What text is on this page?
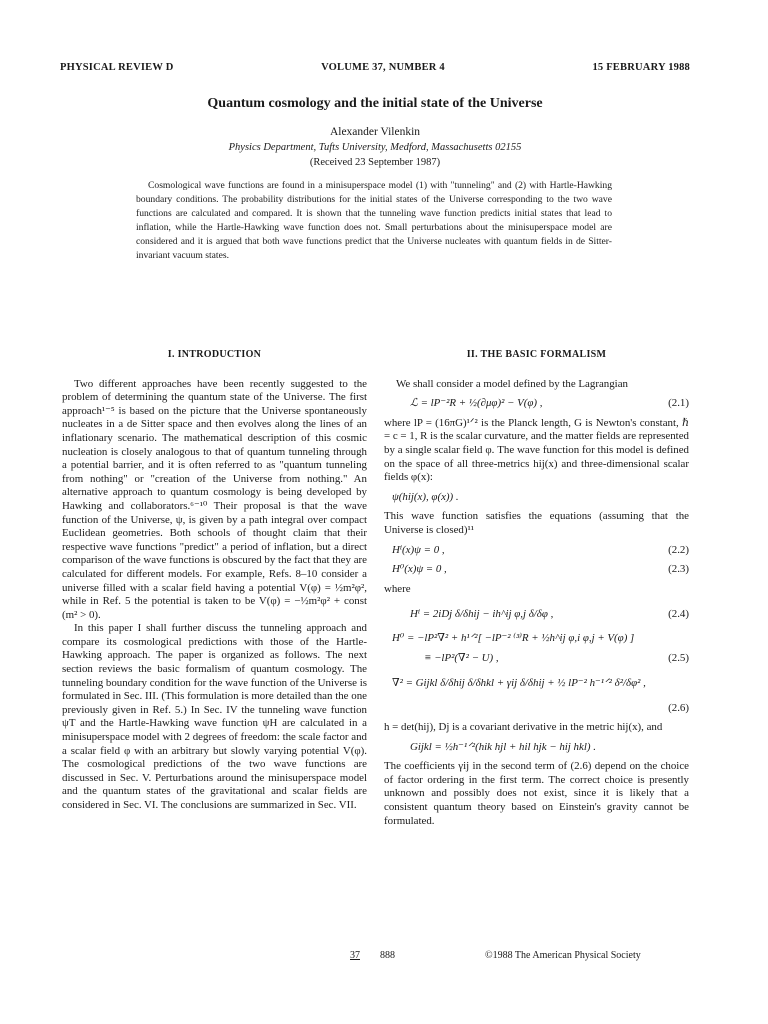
PHYSICAL REVIEW D	VOLUME 37, NUMBER 4	15 FEBRUARY 1988
Quantum cosmology and the initial state of the Universe
Alexander Vilenkin
Physics Department, Tufts University, Medford, Massachusetts 02155
(Received 23 September 1987)

Cosmological wave functions are found in a minisuperspace model (1) with "tunneling" and (2) with Hartle-Hawking boundary conditions. The probability distributions for the initial states of the Universe corresponding to the two wave functions are calculated and compared. It is shown that the tunneling wave function predicts initial states that lead to inflation, while the Hartle-Hawking wave function does not. Small perturbations about the minisuperspace model are considered and it is argued that both wave functions predict that the Universe nucleates with quantum fields in de Sitter-invariant vacuum states.

I. INTRODUCTION

Two different approaches have been recently suggested to the problem of determining the quantum state of the Universe. The first approach¹⁻⁵ is based on the picture that the Universe spontaneously nucleates in a de Sitter space and then evolves along the lines of an inflationary scenario. The mathematical description of this cosmic nucleation is closely analogous to that of quantum tunneling through a potential barrier, and it is often referred to as "quantum tunneling from nothing" or "creation of the Universe from nothing." An alternative approach to quantum cosmology is being developed by Hawking and collaborators.⁶⁻¹⁰ Their proposal is that the wave function of the Universe, ψ, is given by a path integral over compact Euclidean geometries. Both schools of thought claim that their respective wave functions "predict" a period of inflation, but a direct comparison of the wave functions is obscured by the fact that they are calculated for different models. For example, Refs. 8–10 consider a universe filled with a scalar field having a potential V(φ) = ½m²φ², while in Ref. 5 the potential is taken to be V(φ) = −½m²φ² + const (m² > 0).

In this paper I shall further discuss the tunneling approach and compare its cosmological predictions with those of the Hartle-Hawking approach. The paper is organized as follows. The next section reviews the basic formalism of quantum cosmology. The tunneling boundary condition for the wave function of the Universe is formulated in Sec. III. (This formulation is more detailed than the one previously given in Ref. 5.) In Sec. IV the tunneling wave function ψT and the Hartle-Hawking wave function ψH are calculated in a minisuperspace model with 2 degrees of freedom: the scale factor and a scalar field φ with an arbitrary but slowly varying potential V(φ). The cosmological predictions of the two wave functions are discussed in Sec. V. Perturbations around the minisuperspace model and the quantum states of the gravitational and scalar fields are considered in Sec. VI. The conclusions are summarized in Sec. VII.

II. THE BASIC FORMALISM

We shall consider a model defined by the Lagrangian

ℒ = lP⁻²R + ½(∂μφ)² − V(φ) ,	(2.1)

where lP = (16πG)¹ᐟ² is the Planck length, G is Newton's constant, ℏ = c = 1, R is the scalar curvature, and the matter fields are represented by a single scalar field φ. The wave function for this model is defined on the space of all three-metrics hij(x) and three-dimensional scalar fields φ(x):

ψ(hij(x), φ(x)) .

This wave function satisfies the equations (assuming that the Universe is closed)¹¹

Hⁱ(x)ψ = 0 ,	(2.2)
H⁰(x)ψ = 0 ,	(2.3)

where

Hⁱ = 2iDj δ/δhij − ih^ij φ,j δ/δφ ,	(2.4)
H⁰ = −lP²∇² + h¹ᐟ²[ −lP⁻² ⁽³⁾R + ½h^ij φ,i φ,j + V(φ) ]
≡ −lP²(∇² − U) ,	(2.5)
∇² = Gijkl δ/δhij δ/δhkl + γij δ/δhij + ½ lP⁻² h⁻¹ᐟ² δ²/δφ² ,
(2.6)

h = det(hij), Dj is a covariant derivative in the metric hij(x), and

Gijkl = ½h⁻¹ᐟ²(hik hjl + hil hjk − hij hkl) .

The coefficients γij in the second term of (2.6) depend on the choice of factor ordering in the first term. The correct choice is presently unknown and possibly does not exist, since it is likely that a consistent quantum theory based on Einstein's gravity cannot be formulated.

37 888	©1988 The American Physical Society
